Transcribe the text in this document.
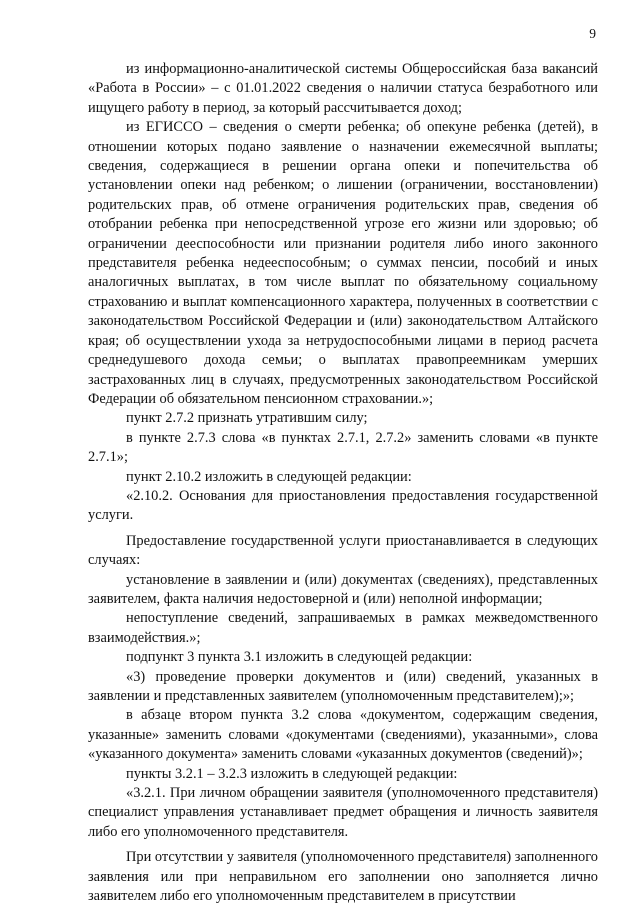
9

из информационно-аналитической системы Общероссийская база вакансий «Работа в России» – с 01.01.2022 сведения о наличии статуса безработного или ищущего работу в период, за который рассчитывается доход;

из ЕГИССО – сведения о смерти ребенка; об опекуне ребенка (детей), в отношении которых подано заявление о назначении ежемесячной выплаты; сведения, содержащиеся в решении органа опеки и попечительства об установлении опеки над ребенком; о лишении (ограничении, восстановлении) родительских прав, об отмене ограничения родительских прав, сведения об отобрании ребенка при непосредственной угрозе его жизни или здоровью; об ограничении дееспособности или признании родителя либо иного законного представителя ребенка недееспособным; о суммах пенсии, пособий и иных аналогичных выплатах, в том числе выплат по обязательному социальному страхованию и выплат компенсационного характера, полученных в соответствии с законодательством Российской Федерации и (или) законодательством Алтайского края; об осуществлении ухода за нетрудоспособными лицами в период расчета среднедушевого дохода семьи; о выплатах правопреемникам умерших застрахованных лиц в случаях, предусмотренных законодательством Российской Федерации об обязательном пенсионном страховании.»;

пункт 2.7.2 признать утратившим силу;

в пункте 2.7.3 слова «в пунктах 2.7.1, 2.7.2» заменить словами «в пункте 2.7.1»;

пункт 2.10.2 изложить в следующей редакции:

«2.10.2. Основания для приостановления предоставления государственной услуги.

Предоставление государственной услуги приостанавливается в следующих случаях:

установление в заявлении и (или) документах (сведениях), представленных заявителем, факта наличия недостоверной и (или) неполной информации;

непоступление сведений, запрашиваемых в рамках межведомственного взаимодействия.»;

подпункт 3 пункта 3.1 изложить в следующей редакции:

«3) проведение проверки документов и (или) сведений, указанных в заявлении и представленных заявителем (уполномоченным представителем);»;

в абзаце втором пункта 3.2 слова «документом, содержащим сведения, указанные» заменить словами «документами (сведениями), указанными», слова «указанного документа» заменить словами «указанных документов (сведений)»;

пункты 3.2.1 – 3.2.3 изложить в следующей редакции:

«3.2.1. При личном обращении заявителя (уполномоченного представителя) специалист управления устанавливает предмет обращения и личность заявителя либо его уполномоченного представителя.

При отсутствии у заявителя (уполномоченного представителя) заполненного заявления или при неправильном его заполнении оно заполняется лично заявителем либо его уполномоченным представителем в присутствии
